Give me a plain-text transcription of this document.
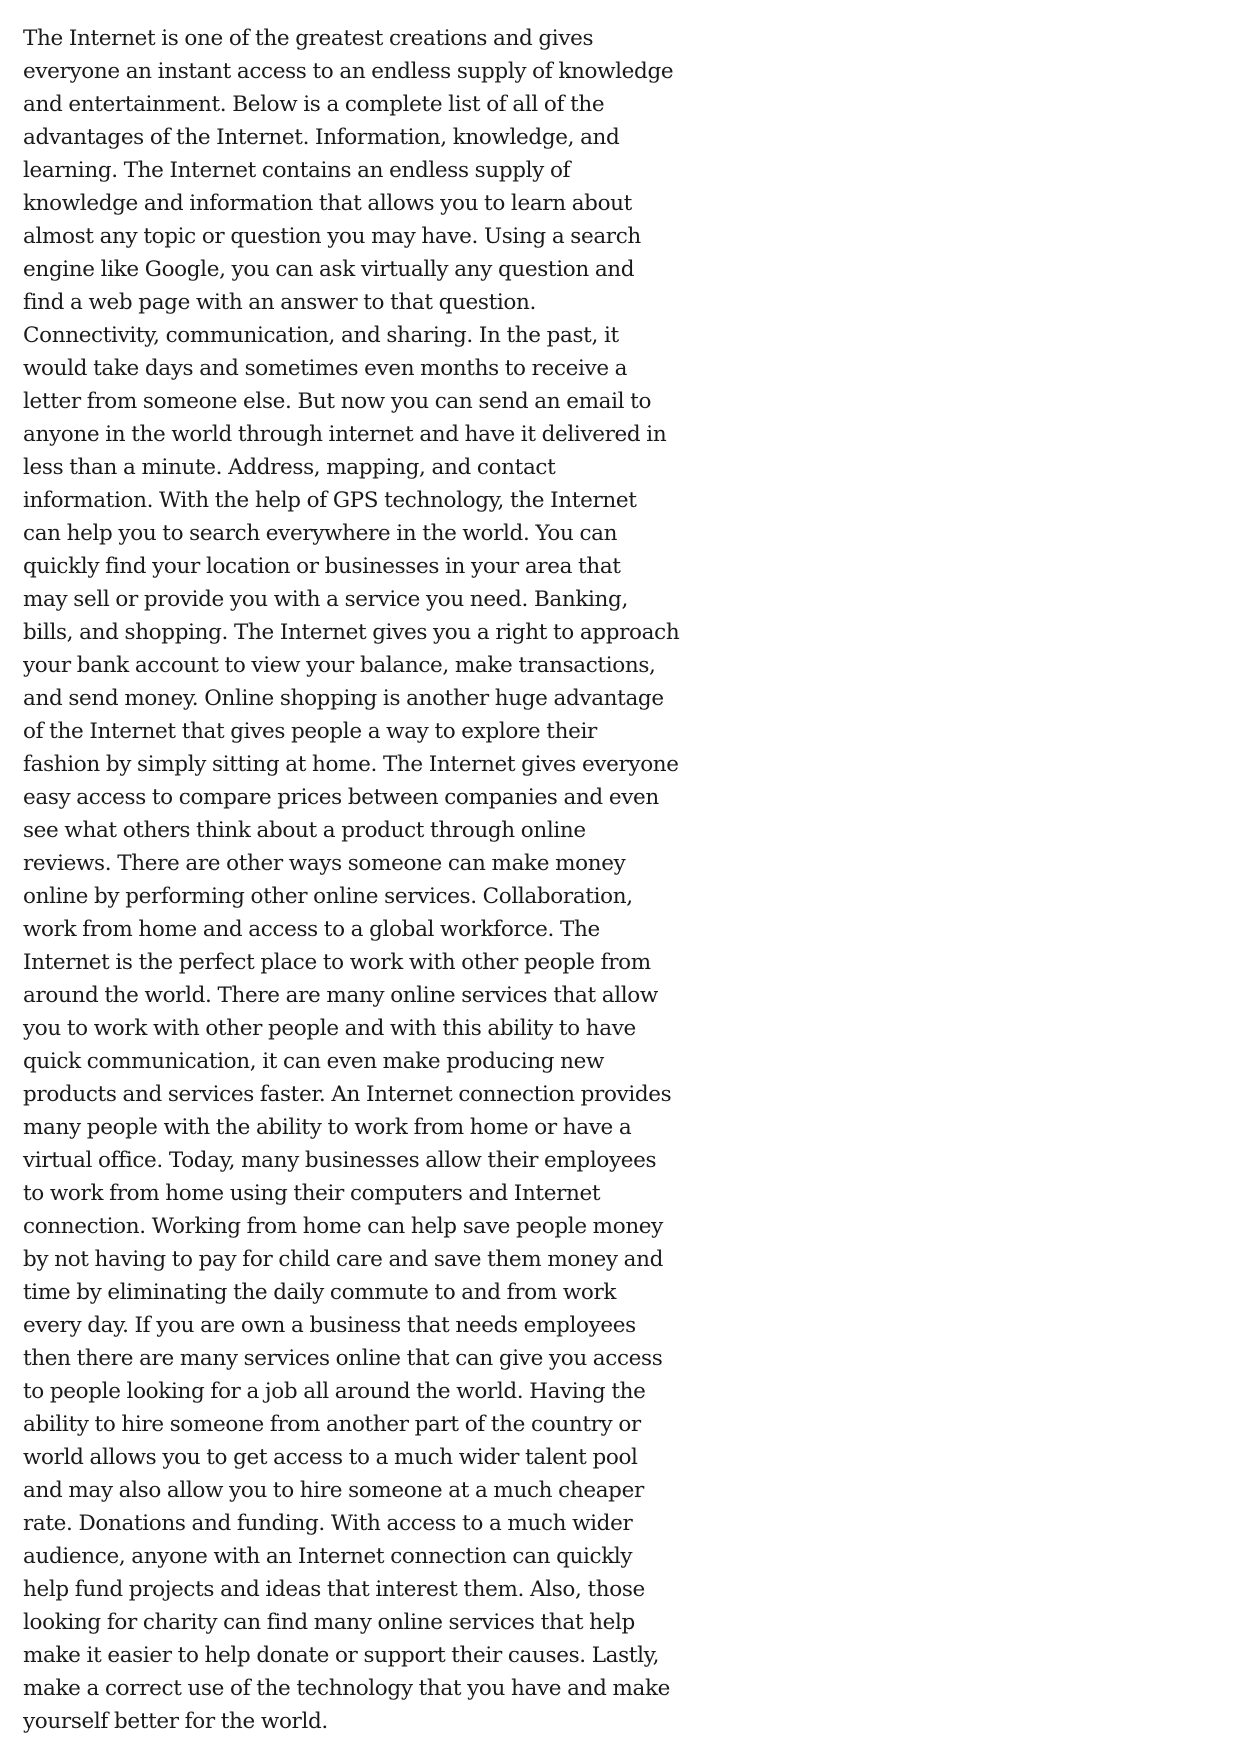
The Internet is one of the greatest creations and gives
everyone an instant access to an endless supply of knowledge
and entertainment. Below is a complete list of all of the
advantages of the Internet. Information, knowledge, and
learning. The Internet contains an endless supply of
knowledge and information that allows you to learn about
almost any topic or question you may have. Using a search
engine like Google, you can ask virtually any question and
find a web page with an answer to that question.
Connectivity, communication, and sharing. In the past, it
would take days and sometimes even months to receive a
letter from someone else. But now you can send an email to
anyone in the world through internet and have it delivered in
less than a minute. Address, mapping, and contact
information. With the help of GPS technology, the Internet
can help you to search everywhere in the world. You can
quickly find your location or businesses in your area that
may sell or provide you with a service you need. Banking,
bills, and shopping. The Internet gives you a right to approach
your bank account to view your balance, make transactions,
and send money. Online shopping is another huge advantage
of the Internet that gives people a way to explore their
fashion by simply sitting at home. The Internet gives everyone
easy access to compare prices between companies and even
see what others think about a product through online
reviews. There are other ways someone can make money
online by performing other online services. Collaboration,
work from home and access to a global workforce. The
Internet is the perfect place to work with other people from
around the world. There are many online services that allow
you to work with other people and with this ability to have
quick communication, it can even make producing new
products and services faster. An Internet connection provides
many people with the ability to work from home or have a
virtual office. Today, many businesses allow their employees
to work from home using their computers and Internet
connection. Working from home can help save people money
by not having to pay for child care and save them money and
time by eliminating the daily commute to and from work
every day. If you are own a business that needs employees
then there are many services online that can give you access
to people looking for a job all around the world. Having the
ability to hire someone from another part of the country or
world allows you to get access to a much wider talent pool
and may also allow you to hire someone at a much cheaper
rate. Donations and funding. With access to a much wider
audience, anyone with an Internet connection can quickly
help fund projects and ideas that interest them. Also, those
looking for charity can find many online services that help
make it easier to help donate or support their causes. Lastly,
make a correct use of the technology that you have and make
yourself better for the world.
